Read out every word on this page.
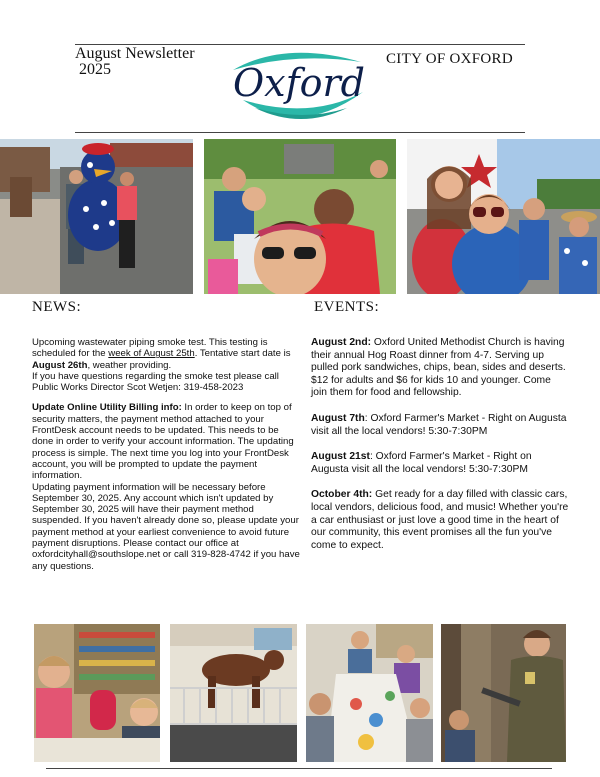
August Newsletter
2025	Oxford
CITY OF OXFORD
NEWS:

Upcoming wastewater piping smoke test. This testing is scheduled for the week of August 25th. Tentative start date is August 26th, weather providing.
If you have questions regarding the smoke test please call Public Works Director Scot Wetjen: 319-458-2023

Update Online Utility Billing info: In order to keep on top of security matters, the payment method attached to your FrontDesk account needs to be updated. This needs to be done in order to verify your account information. The updating process is simple. The next time you log into your FrontDesk account, you will be prompted to update the payment information.
Updating payment information will be necessary before September 30, 2025. Any account which isn't updated by September 30, 2025 will have their payment method suspended. If you haven't already done so, please update your payment method at your earliest convenience to avoid future payment disruptions. Please contact our office at oxfordcityhall@southslope.net or call 319-828-4742 if you have any questions.

EVENTS:

August 2nd: Oxford United Methodist Church is having their annual Hog Roast dinner from 4-7. Serving up pulled pork sandwiches, chips, bean, sides and deserts. $12 for adults and $6 for kids 10 and younger. Come join them for food and fellowship.

August 7th: Oxford Farmer's Market - Right on Augusta visit all the local vendors! 5:30-7:30PM

August 21st: Oxford Farmer's Market - Right on Augusta visit all the local vendors! 5:30-7:30PM

October 4th: Get ready for a day filled with classic cars, local vendors, delicious food, and music! Whether you're a car enthusiast or just love a good time in the heart of our community, this event promises all the fun you've come to expect.
